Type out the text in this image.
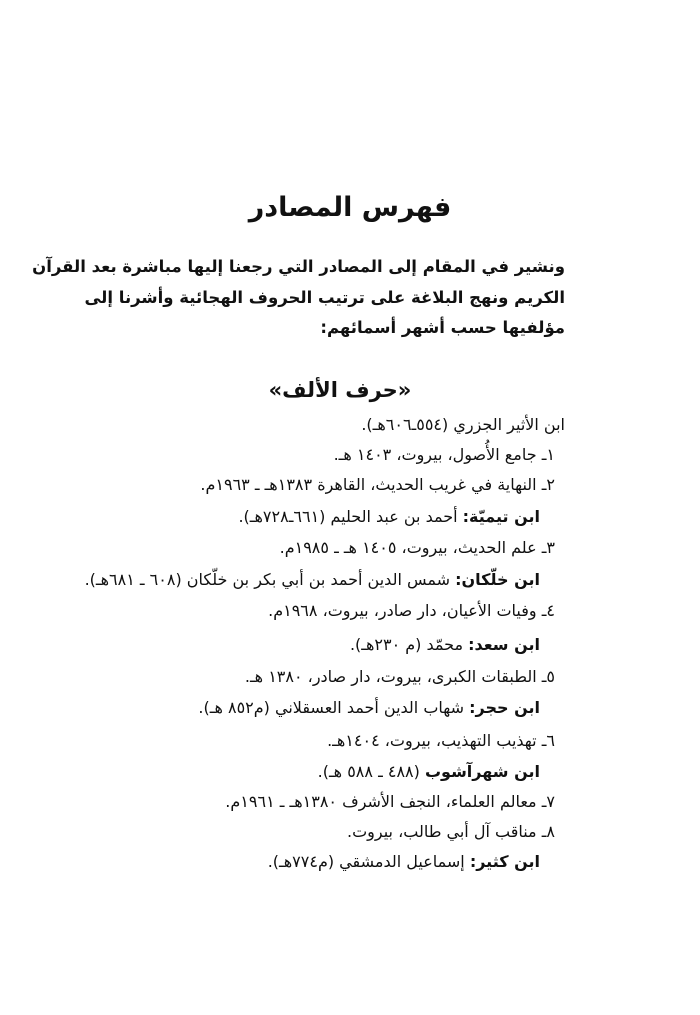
فهرس المصادر
ونشير في المقام إلى المصادر التي رجعنا إليها مباشرة بعد القرآن
الكريم ونهج البلاغة على ترتيب الحروف الهجائية وأشرنا إلى
مؤلفيها حسب أشهر أسمائهم:
«حرف الألف»
ابن الأثير الجزري (٥٥٤ـ٦٠٦هـ).
١ـ جامع الأُصول، بيروت، ١٤٠٣ هـ.
٢ـ النهاية في غريب الحديث، القاهرة ١٣٨٣هـ ـ ١٩٦٣م.
ابن تيميّة: أحمد بن عبد الحليم (٦٦١ـ٧٢٨هـ).
٣ـ علم الحديث، بيروت، ١٤٠٥ هـ ـ ١٩٨٥م.
ابن خلّكان: شمس الدين أحمد بن أبي بكر بن خلّكان (٦٠٨ ـ ٦٨١هـ).
٤ـ وفيات الأعيان، دار صادر، بيروت، ١٩٦٨م.
ابن سعد: محمّد (م ٢٣٠هـ).
٥ـ الطبقات الكبرى، بيروت، دار صادر، ١٣٨٠ هـ.
ابن حجر: شهاب الدين أحمد العسقلاني (م٨٥٢ هـ).
٦ـ تهذيب التهذيب، بيروت، ١٤٠٤هـ.
ابن شهرآشوب (٤٨٨ ـ ٥٨٨ هـ).
٧ـ معالم العلماء، النجف الأشرف ١٣٨٠هـ ـ ١٩٦١م.
٨ـ مناقب آل أبي طالب، بيروت.
ابن كثير: إسماعيل الدمشقي (م٧٧٤هـ).
